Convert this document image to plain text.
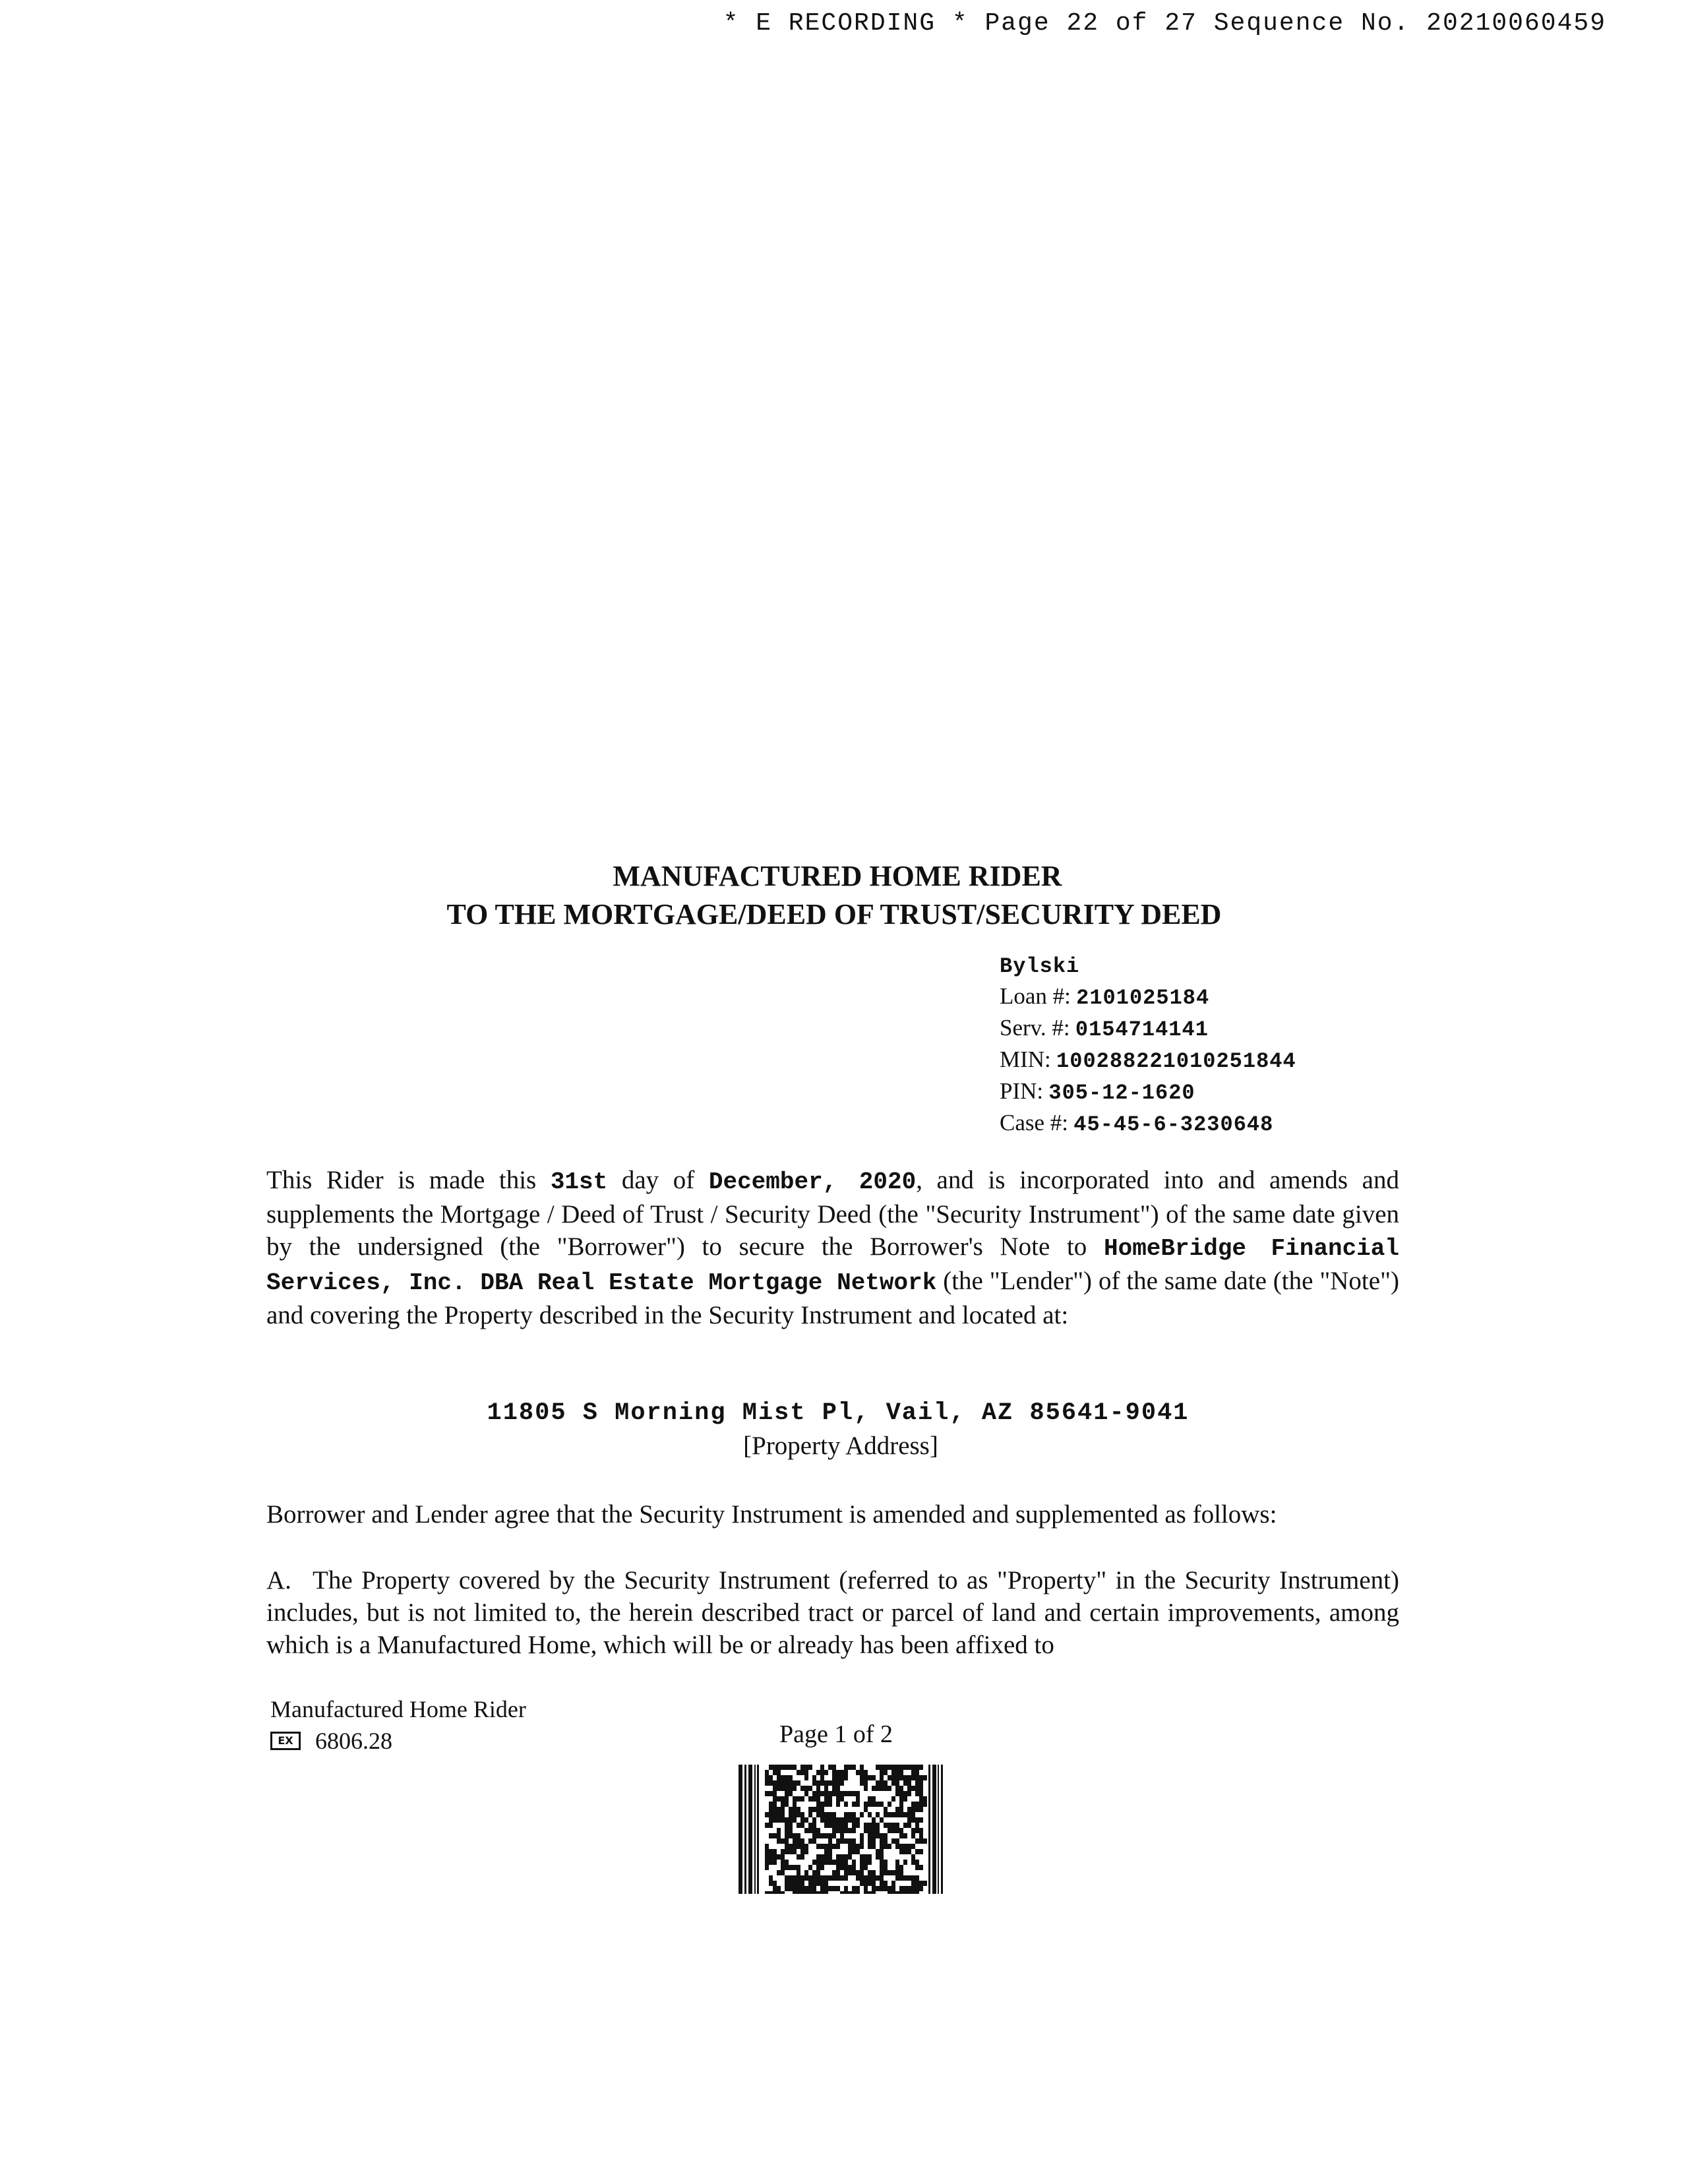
* E RECORDING * Page 22 of 27 Sequence No. 20210060459
MANUFACTURED HOME RIDER
TO THE MORTGAGE/DEED OF TRUST/SECURITY DEED
Bylski
Loan #: 2101025184
Serv. #: 0154714141
MIN: 100288221010251844
PIN: 305-12-1620
Case #: 45-45-6-3230648
This Rider is made this 31st day of December, 2020, and is incorporated into and amends and supplements the Mortgage / Deed of Trust / Security Deed (the "Security Instrument") of the same date given by the undersigned (the "Borrower") to secure the Borrower's Note to HomeBridge Financial Services, Inc. DBA Real Estate Mortgage Network (the "Lender") of the same date (the "Note") and covering the Property described in the Security Instrument and located at:
11805 S Morning Mist Pl, Vail, AZ 85641-9041
[Property Address]
Borrower and Lender agree that the Security Instrument is amended and supplemented as follows:
A. The Property covered by the Security Instrument (referred to as "Property" in the Security Instrument) includes, but is not limited to, the herein described tract or parcel of land and certain improvements, among which is a Manufactured Home, which will be or already has been affixed to
Manufactured Home Rider
EX 6806.28	Page 1 of 2
